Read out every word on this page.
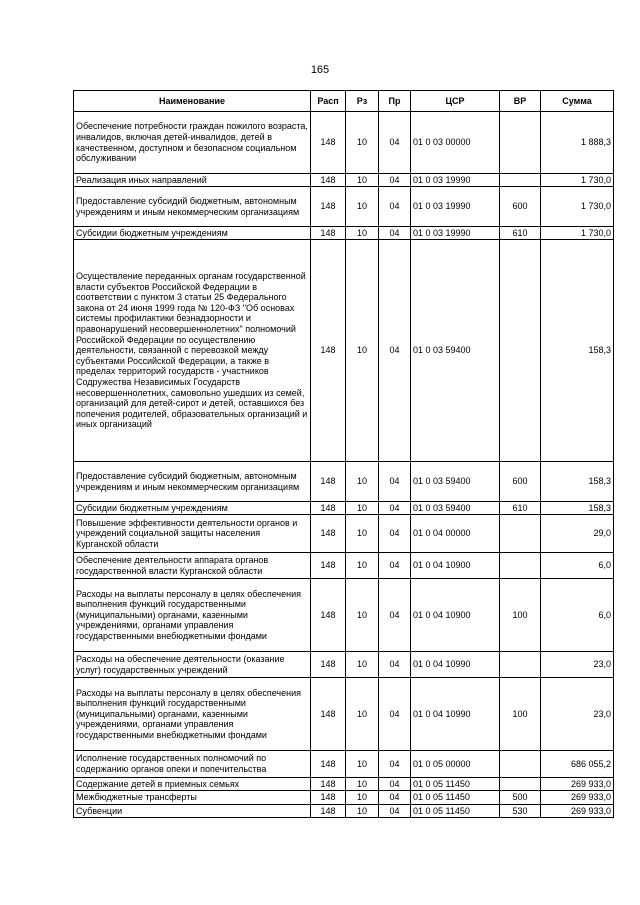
165
Наименование	Расп	Рз	Пр	ЦСР	ВР	Сумма
Обеспечение потребности граждан пожилого возраста, инвалидов, включая детей-инвалидов, детей в качественном, доступном и безопасном социальном обслуживании	148	10	04	01 0 03 00000		1 888,3
Реализация иных направлений	148	10	04	01 0 03 19990		1 730,0
Предоставление субсидий бюджетным, автономным учреждениям и иным некоммерческим организациям	148	10	04	01 0 03 19990	600	1 730,0
Субсидии бюджетным учреждениям	148	10	04	01 0 03 19990	610	1 730,0
Осуществление переданных органам государственной власти субъектов Российской Федерации в соответствии с пунктом 3 статьи 25 Федерального закона от 24 июня 1999 года № 120-ФЗ "Об основах системы профилактики безнадзорности и правонарушений несовершеннолетних" полномочий Российской Федерации по осуществлению деятельности, связанной с перевозкой между субъектами Российской Федерации, а также в пределах территорий государств - участников Содружества Независимых Государств несовершеннолетних, самовольно ушедших из семей, организаций для детей-сирот и детей, оставшихся без попечения родителей, образовательных организаций и иных организаций	148	10	04	01 0 03 59400		158,3
Предоставление субсидий бюджетным, автономным учреждениям и иным некоммерческим организациям	148	10	04	01 0 03 59400	600	158,3
Субсидии бюджетным учреждениям	148	10	04	01 0 03 59400	610	158,3
Повышение эффективности деятельности органов и учреждений социальной защиты населения Курганской области	148	10	04	01 0 04 00000		29,0
Обеспечение деятельности аппарата органов государственной власти Курганской области	148	10	04	01 0 04 10900		6,0
Расходы на выплаты персоналу в целях обеспечения выполнения функций государственными (муниципальными) органами, казенными учреждениями, органами управления государственными внебюджетными фондами	148	10	04	01 0 04 10900	100	6,0
Расходы на обеспечение деятельности (оказание услуг) государственных учреждений	148	10	04	01 0 04 10990		23,0
Расходы на выплаты персоналу в целях обеспечения выполнения функций государственными (муниципальными) органами, казенными учреждениями, органами управления государственными внебюджетными фондами	148	10	04	01 0 04 10990	100	23,0
Исполнение государственных полномочий по содержанию органов опеки и попечительства	148	10	04	01 0 05 00000		686 055,2
Содержание детей в приемных семьях	148	10	04	01 0 05 11450		269 933,0
Межбюджетные трансферты	148	10	04	01 0 05 11450	500	269 933,0
Субвенции	148	10	04	01 0 05 11450	530	269 933,0
